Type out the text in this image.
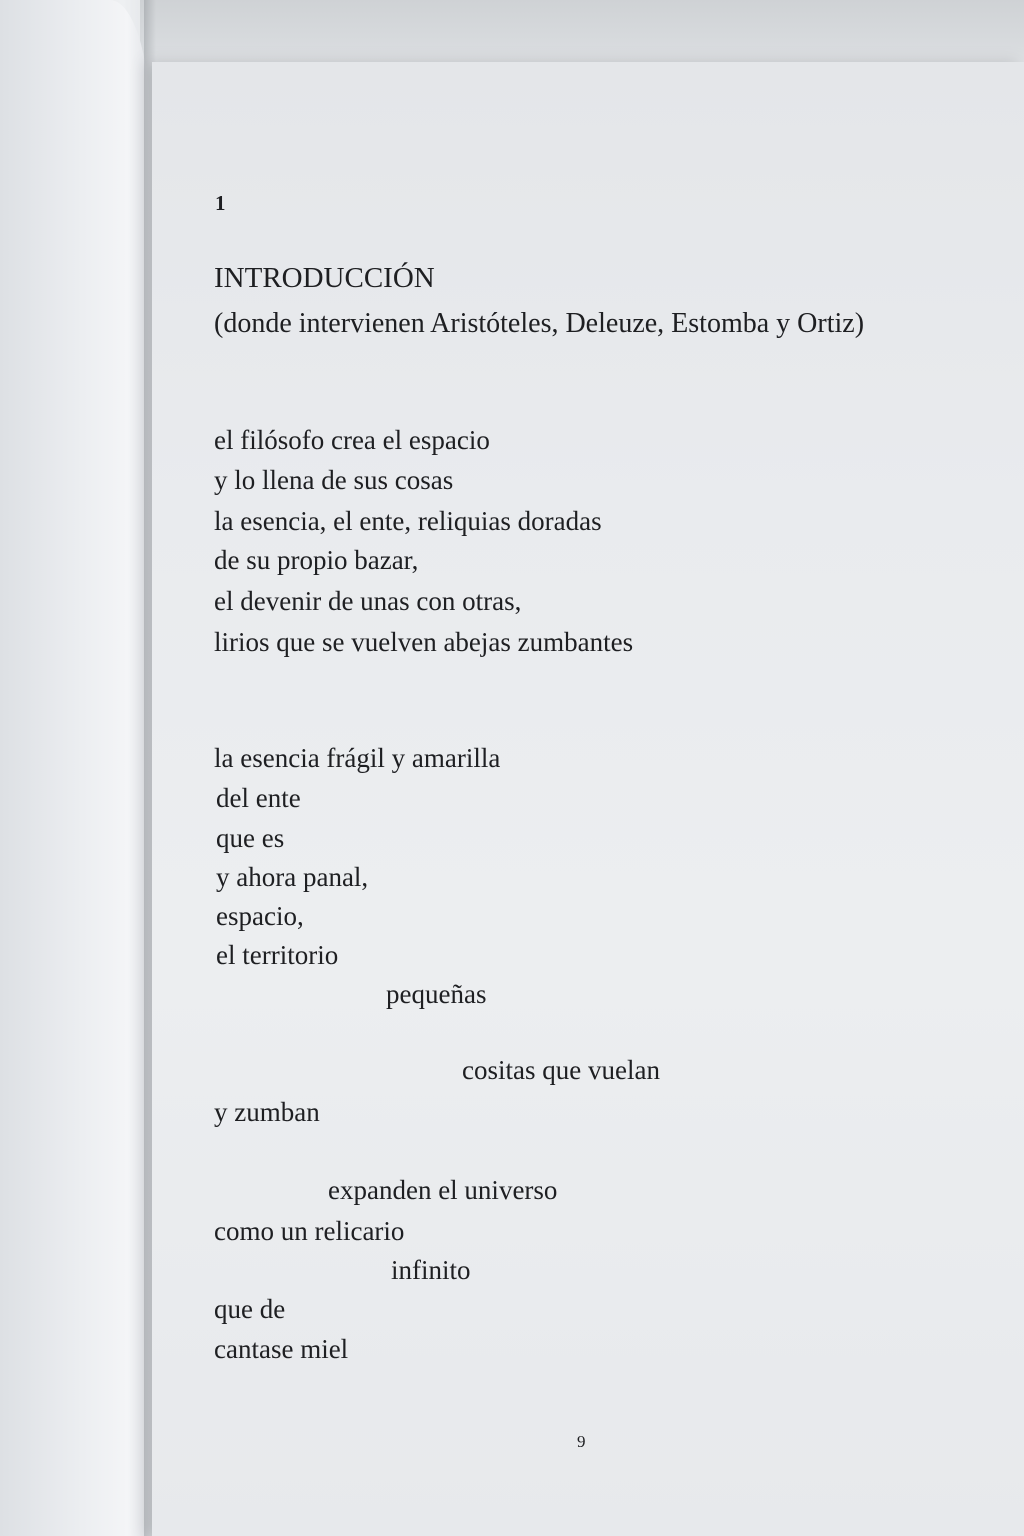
1
INTRODUCCIÓN
(donde intervienen Aristóteles, Deleuze, Estomba y Ortiz)
el filósofo crea el espacio
y lo llena de sus cosas
la esencia, el ente, reliquias doradas
de su propio bazar,
el devenir de unas con otras,
lirios que se vuelven abejas zumbantes
la esencia frágil y amarilla
del ente
que es
y ahora panal,
espacio,
el territorio
pequeñas
cositas que vuelan
y zumban
expanden el universo
como un relicario
infinito
que de
cantase miel
9
